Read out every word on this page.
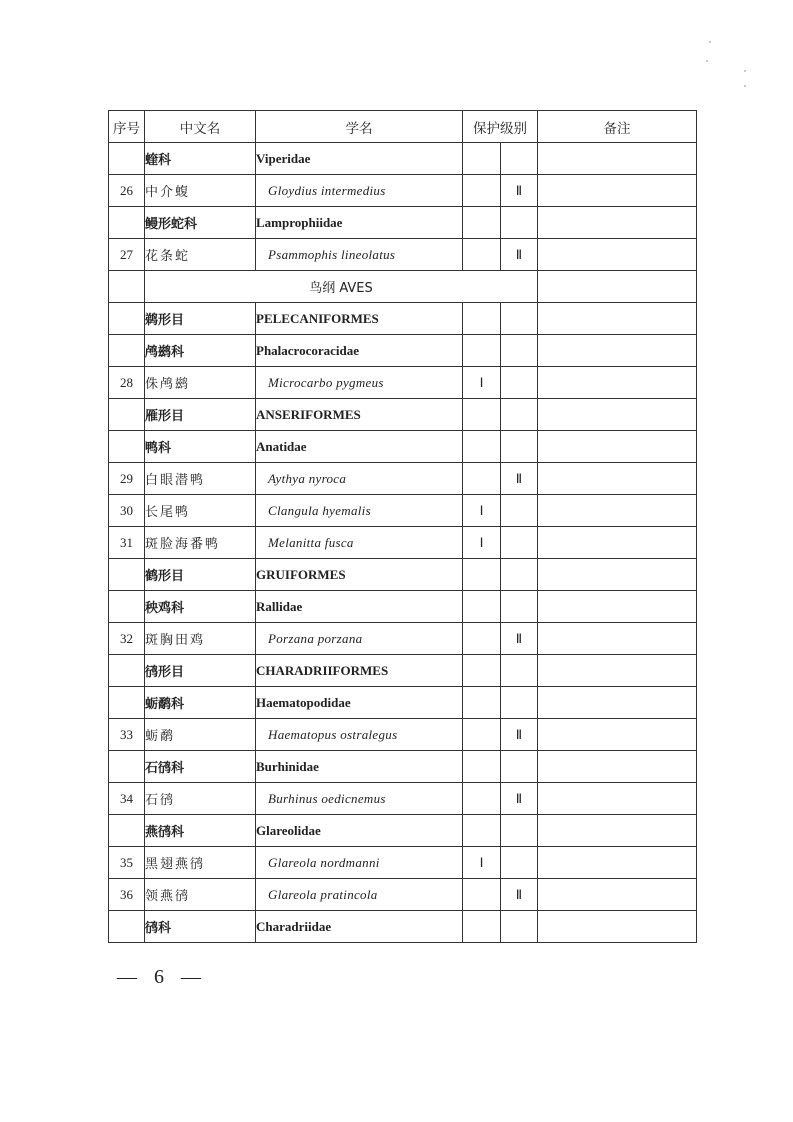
序号	中文名	学名	保护级别		备注
	蝰科	Viperidae			
26	中介蝮	Gloydius intermedius		Ⅱ	
	鳗形蛇科	Lamprophiidae			
27	花条蛇	Psammophis lineolatus		Ⅱ	
	鸟纲 AVES				
	鹈形目	PELECANIFORMES			
	鸬鹚科	Phalacrocoracidae			
28	侏鸬鹚	Microcarbo pygmeus	Ⅰ		
	雁形目	ANSERIFORMES			
	鸭科	Anatidae			
29	白眼潜鸭	Aythya nyroca		Ⅱ	
30	长尾鸭	Clangula hyemalis	Ⅰ		
31	斑脸海番鸭	Melanitta fusca	Ⅰ		
	鹤形目	GRUIFORMES			
	秧鸡科	Rallidae			
32	斑胸田鸡	Porzana porzana		Ⅱ	
	鸻形目	CHARADRIIFORMES			
	蛎鹬科	Haematopodidae			
33	蛎鹬	Haematopus ostralegus		Ⅱ	
	石鸻科	Burhinidae			
34	石鸻	Burhinus oedicnemus		Ⅱ	
	燕鸻科	Glareolidae			
35	黑翅燕鸻	Glareola nordmanni	Ⅰ		
36	领燕鸻	Glareola pratincola		Ⅱ	
	鸻科	Charadriidae			
— 6 —
